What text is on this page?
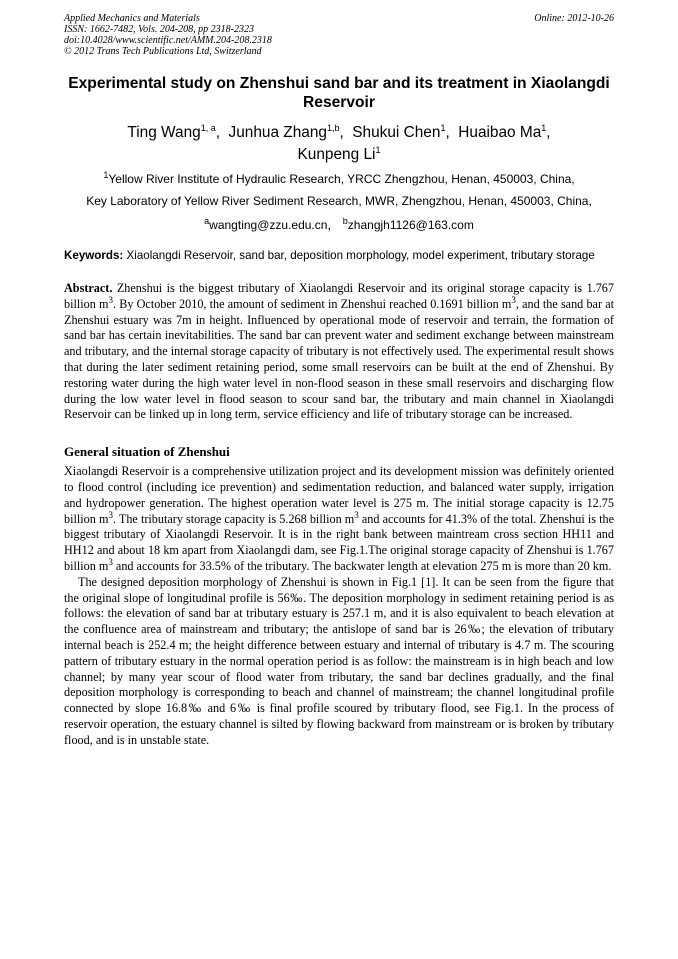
Applied Mechanics and Materials	Online: 2012-10-26
ISSN: 1662-7482, Vols. 204-208, pp 2318-2323
doi:10.4028/www.scientific.net/AMM.204-208.2318
© 2012 Trans Tech Publications Ltd, Switzerland
Experimental study on Zhenshui sand bar and its treatment in Xiaolangdi Reservoir
Ting Wang$^{1, a}$,  Junhua Zhang$^{1,b}$,  Shukui Chen$^1$,  Huaibao Ma$^1$,
Kunpeng Li$^1$
$^1$Yellow River Institute of Hydraulic Research, YRCC Zhengzhou, Henan, 450003, China,
Key Laboratory of Yellow River Sediment Research, MWR, Zhengzhou, Henan, 450003, China,
$^a$wangting@zzu.edu.cn， $^b$zhangjh1126@163.com
Keywords: Xiaolangdi Reservoir, sand bar, deposition morphology, model experiment, tributary storage
Abstract. Zhenshui is the biggest tributary of Xiaolangdi Reservoir and its original storage capacity is 1.767 billion $m^3$. By October 2010, the amount of sediment in Zhenshui reached 0.1691 billion $m^3$, and the sand bar at Zhenshui estuary was 7m in height. Influenced by operational mode of reservoir and terrain, the formation of sand bar has certain inevitabilities. The sand bar can prevent water and sediment exchange between mainstream and tributary, and the internal storage capacity of tributary is not effectively used. The experimental result shows that during the later sediment retaining period, some small reservoirs can be built at the end of Zhenshui. By restoring water during the high water level in non-flood season in these small reservoirs and discharging flow during the low water level in flood season to scour sand bar, the tributary and main channel in Xiaolangdi Reservoir can be linked up in long term, service efficiency and life of tributary storage can be increased.
General situation of Zhenshui
Xiaolangdi Reservoir is a comprehensive utilization project and its development mission was definitely oriented to flood control (including ice prevention) and sedimentation reduction, and balanced water supply, irrigation and hydropower generation. The highest operation water level is 275 m. The initial storage capacity is 12.75 billion $m^3$. The tributary storage capacity is 5.268 billion $m^3$ and accounts for 41.3% of the total. Zhenshui is the biggest tributary of Xiaolangdi Reservoir. It is in the right bank between maintream cross section HH11 and HH12 and about 18 km apart from Xiaolangdi dam, see Fig.1.The original storage capacity of Zhenshui is 1.767 billion $m^3$ and accounts for 33.5% of the tributary. The backwater length at elevation 275 m is more than 20 km.
The designed deposition morphology of Zhenshui is shown in Fig.1 [1]. It can be seen from the figure that the original slope of longitudinal profile is 56‰. The deposition morphology in sediment retaining period is as follows: the elevation of sand bar at tributary estuary is 257.1 m, and it is also equivalent to beach elevation at the confluence area of mainstream and tributary; the antislope of sand bar is 26‰; the elevation of tributary internal beach is 252.4 m; the height difference between estuary and internal of tributary is 4.7 m. The scouring pattern of tributary estuary in the normal operation period is as follow: the mainstream is in high beach and low channel; by many year scour of flood water from tributary, the sand bar declines gradually, and the final deposition morphology is corresponding to beach and channel of mainstream; the channel longitudinal profile connected by slope 16.8‰ and 6‰ is final profile scoured by tributary flood, see Fig.1. In the process of reservoir operation, the estuary channel is silted by flowing backward from mainstream or is broken by tributary flood, and is in unstable state.
